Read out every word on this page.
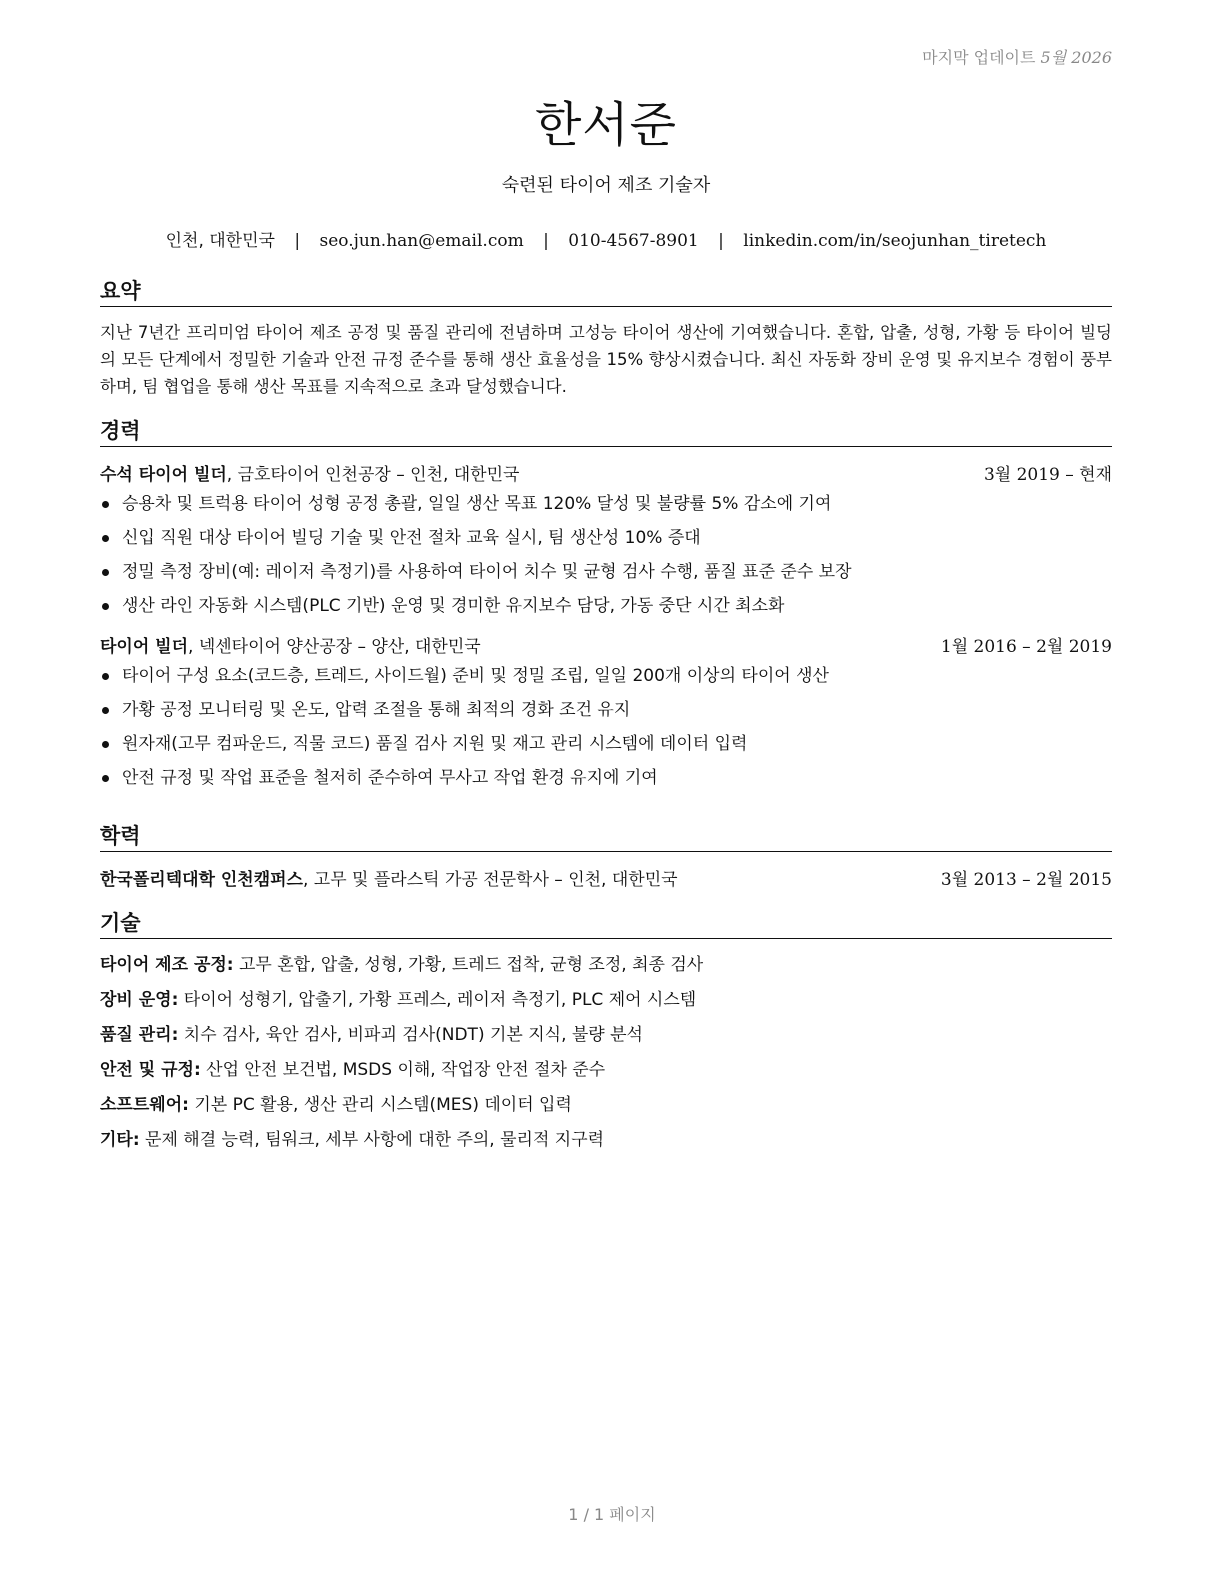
마지막 업데이트 5월 2026
한서준
숙련된 타이어 제조 기술자
인천, 대한민국 | seo.jun.han@email.com | 010-4567-8901 | linkedin.com/in/seojunhan_tiretech
요약

지난 7년간 프리미엄 타이어 제조 공정 및 품질 관리에 전념하며 고성능 타이어 생산에 기여했습니다. 혼합, 압출, 성형, 가황 등 타이어 빌딩의 모든 단계에서 정밀한 기술과 안전 규정 준수를 통해 생산 효율성을 15% 향상시켰습니다. 최신 자동화 장비 운영 및 유지보수 경험이 풍부하며, 팀 협업을 통해 생산 목표를 지속적으로 초과 달성했습니다.

경력
수석 타이어 빌더, 금호타이어 인천공장 – 인천, 대한민국	3월 2019 – 현재
승용차 및 트럭용 타이어 성형 공정 총괄, 일일 생산 목표 120% 달성 및 불량률 5% 감소에 기여
신입 직원 대상 타이어 빌딩 기술 및 안전 절차 교육 실시, 팀 생산성 10% 증대
정밀 측정 장비(예: 레이저 측정기)를 사용하여 타이어 치수 및 균형 검사 수행, 품질 표준 준수 보장
생산 라인 자동화 시스템(PLC 기반) 운영 및 경미한 유지보수 담당, 가동 중단 시간 최소화
타이어 빌더, 넥센타이어 양산공장 – 양산, 대한민국	1월 2016 – 2월 2019
타이어 구성 요소(코드층, 트레드, 사이드월) 준비 및 정밀 조립, 일일 200개 이상의 타이어 생산
가황 공정 모니터링 및 온도, 압력 조절을 통해 최적의 경화 조건 유지
원자재(고무 컴파운드, 직물 코드) 품질 검사 지원 및 재고 관리 시스템에 데이터 입력
안전 규정 및 작업 표준을 철저히 준수하여 무사고 작업 환경 유지에 기여
학력
한국폴리텍대학 인천캠퍼스, 고무 및 플라스틱 가공 전문학사 – 인천, 대한민국	3월 2013 – 2월 2015
기술
타이어 제조 공정: 고무 혼합, 압출, 성형, 가황, 트레드 접착, 균형 조정, 최종 검사
장비 운영: 타이어 성형기, 압출기, 가황 프레스, 레이저 측정기, PLC 제어 시스템
품질 관리: 치수 검사, 육안 검사, 비파괴 검사(NDT) 기본 지식, 불량 분석
안전 및 규정: 산업 안전 보건법, MSDS 이해, 작업장 안전 절차 준수
소프트웨어: 기본 PC 활용, 생산 관리 시스템(MES) 데이터 입력
기타: 문제 해결 능력, 팀워크, 세부 사항에 대한 주의, 물리적 지구력
1 / 1 페이지
